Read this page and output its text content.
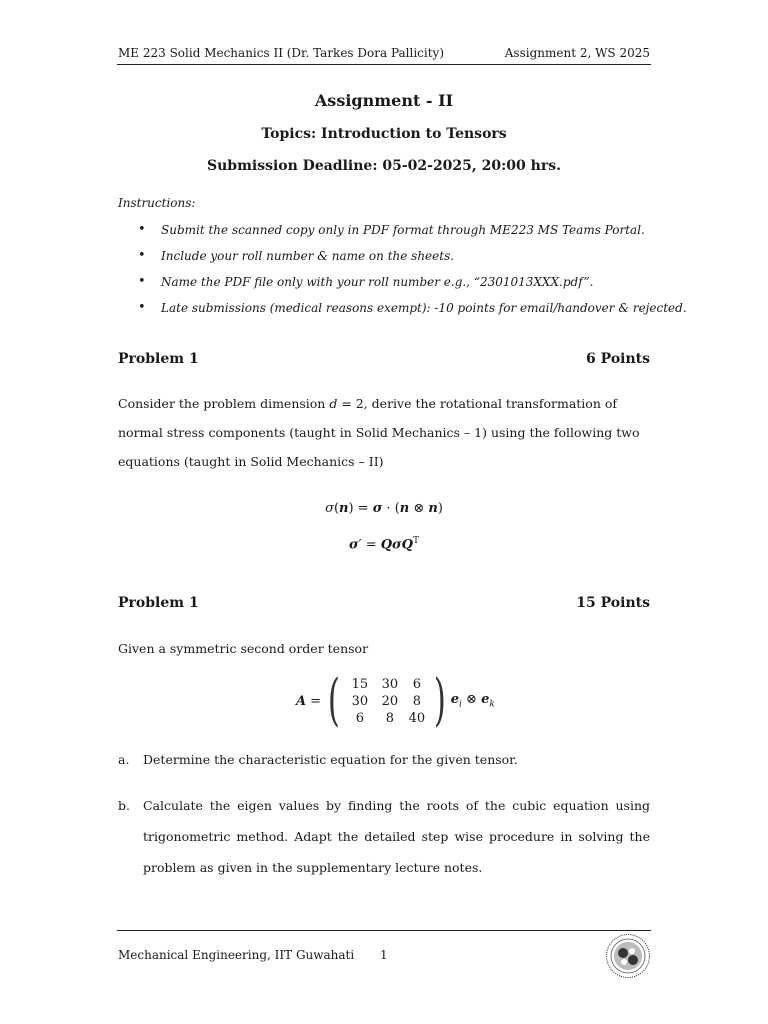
ME 223 Solid Mechanics II (Dr. Tarkes Dora Pallicity)	Assignment 2, WS 2025
Assignment - II
Topics: Introduction to Tensors
Submission Deadline: 05-02-2025, 20:00 hrs.
Instructions:
• Submit the scanned copy only in PDF format through ME223 MS Teams Portal.
• Include your roll number & name on the sheets.
• Name the PDF file only with your roll number e.g., “2301013XXX.pdf”.
• Late submissions (medical reasons exempt): -10 points for email/handover & rejected.
Problem 1	6 Points
Consider the problem dimension d = 2, derive the rotational transformation of normal stress components (taught in Solid Mechanics – 1) using the following two equations (taught in Solid Mechanics – II)
σ(n) = σ · (n ⊗ n)
σ′ = QσQ$^T$
Problem 1	15 Points
Given a symmetric second order tensor
A = ( 15	30	6
30	20	8
6	8	40 ) $e_i$ ⊗ $e_k$
a. Determine the characteristic equation for the given tensor.
b.	Calculate the eigen values by finding the roots of the cubic equation using trigonometric method. Adapt the detailed step wise procedure in solving the problem as given in the supplementary lecture notes.
Mechanical Engineering, IIT Guwahati 1
